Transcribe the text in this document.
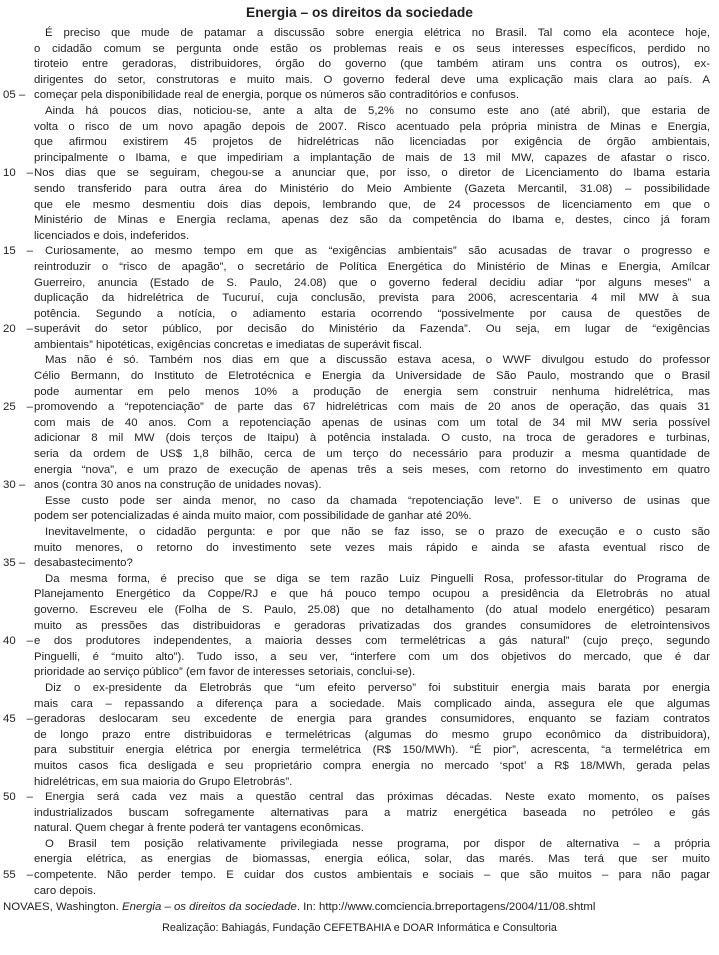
Energia – os direitos da sociedade
É preciso que mude de patamar a discussão sobre energia elétrica no Brasil. Tal como ela acontece hoje,
o cidadão comum se pergunta onde estão os problemas reais e os seus interesses específicos, perdido no
tiroteio entre geradoras, distribuidores, órgão do governo (que também atiram uns contra os outros), ex-
dirigentes do setor, construtoras e muito mais. O governo federal deve uma explicação mais clara ao país. A
05 – começar pela disponibilidade real de energia, porque os números são contraditórios e confusos.
Ainda há poucos dias, noticiou-se, ante a alta de 5,2% no consumo este ano (até abril), que estaria de
volta o risco de um novo apagão depois de 2007. Risco acentuado pela própria ministra de Minas e Energia,
que afirmou existirem 45 projetos de hidrelétricas não licenciadas por exigência de órgão ambientais,
principalmente o Ibama, e que impediriam a implantação de mais de 13 mil MW, capazes de afastar o risco.
10 – Nos dias que se seguiram, chegou-se a anunciar que, por isso, o diretor de Licenciamento do Ibama estaria
sendo transferido para outra área do Ministério do Meio Ambiente (Gazeta Mercantil, 31.08) – possibilidade
que ele mesmo desmentiu dois dias depois, lembrando que, de 24 processos de licenciamento em que o
Ministério de Minas e Energia reclama, apenas dez são da competência do Ibama e, destes, cinco já foram
licenciados e dois, indeferidos.
15 – Curiosamente, ao mesmo tempo em que as “exigências ambientais” são acusadas de travar o progresso e
reintroduzir o “risco de apagão”, o secretário de Política Energética do Ministério de Minas e Energia, Amílcar
Guerreiro, anuncia (Estado de S. Paulo, 24.08) que o governo federal decidiu adiar “por alguns meses” a
duplicação da hidrelétrica de Tucuruí, cuja conclusão, prevista para 2006, acrescentaria 4 mil MW à sua
potência. Segundo a notícia, o adiamento estaria ocorrendo “possivelmente por causa de questões de
20 – superávit do setor público, por decisão do Ministério da Fazenda”. Ou seja, em lugar de “exigências
ambientais” hipotéticas, exigências concretas e imediatas de superávit fiscal.
Mas não é só. Também nos dias em que a discussão estava acesa, o WWF divulgou estudo do professor
Célio Bermann, do Instituto de Eletrotécnica e Energia da Universidade de São Paulo, mostrando que o Brasil
pode aumentar em pelo menos 10% a produção de energia sem construir nenhuma hidrelétrica, mas
25 – promovendo a “repotenciação” de parte das 67 hidrelétricas com mais de 20 anos de operação, das quais 31
com mais de 40 anos. Com a repotenciação apenas de usinas com um total de 34 mil MW seria possível
adicionar 8 mil MW (dois terços de Itaipu) à potência instalada. O custo, na troca de geradores e turbinas,
seria da ordem de US$ 1,8 bilhão, cerca de um terço do necessário para produzir a mesma quantidade de
energia “nova”, e um prazo de execução de apenas três a seis meses, com retorno do investimento em quatro
30 – anos (contra 30 anos na construção de unidades novas).
Esse custo pode ser ainda menor, no caso da chamada “repotenciação leve”. E o universo de usinas que
podem ser potencializadas é ainda muito maior, com possibilidade de ganhar até 20%.
Inevitavelmente, o cidadão pergunta: e por que não se faz isso, se o prazo de execução e o custo são
muito menores, o retorno do investimento sete vezes mais rápido e ainda se afasta eventual risco de
35 – desabastecimento?
Da mesma forma, é preciso que se diga se tem razão Luiz Pinguelli Rosa, professor-titular do Programa de
Planejamento Energético da Coppe/RJ e que há pouco tempo ocupou a presidência da Eletrobrás no atual
governo. Escreveu ele (Folha de S. Paulo, 25.08) que no detalhamento (do atual modelo energético) pesaram
muito as pressões das distribuidoras e geradoras privatizadas dos grandes consumidores de eletrointensivos
40 – e dos produtores independentes, a maioria desses com termelétricas a gás natural” (cujo preço, segundo
Pinguelli, é “muito alto”). Tudo isso, a seu ver, “interfere com um dos objetivos do mercado, que é dar
prioridade ao serviço público” (em favor de interesses setoriais, conclui-se).
Diz o ex-presidente da Eletrobrás que “um efeito perverso” foi substituir energia mais barata por energia
mais cara – repassando a diferença para a sociedade. Mais complicado ainda, assegura ele que algumas
45 – geradoras deslocaram seu excedente de energia para grandes consumidores, enquanto se faziam contratos
de longo prazo entre distribuidoras e termelétricas (algumas do mesmo grupo econômico da distribuidora),
para substituir energia elétrica por energia termelétrica (R$ 150/MWh). “É pior”, acrescenta, “a termelétrica em
muitos casos fica desligada e seu proprietário compra energia no mercado ‘spot’ a R$ 18/MWh, gerada pelas
hidrelétricas, em sua maioria do Grupo Eletrobrás”.
50 – Energia será cada vez mais a questão central das próximas décadas. Neste exato momento, os países
industrializados buscam sofregamente alternativas para a matriz energética baseada no petróleo e gás
natural. Quem chegar à frente poderá ter vantagens econômicas.
O Brasil tem posição relativamente privilegiada nesse programa, por dispor de alternativa – a própria
energia elétrica, as energias de biomassas, energia eólica, solar, das marés. Mas terá que ser muito
55 – competente. Não perder tempo. E cuidar dos custos ambientais e sociais – que são muitos – para não pagar
caro depois.
NOVAES, Washington. Energia – os direitos da sociedade. In: http://www.comciencia.brreportagens/2004/11/08.shtml
Realização: Bahiagás, Fundação CEFETBAHIA e DOAR Informática e Consultoria
